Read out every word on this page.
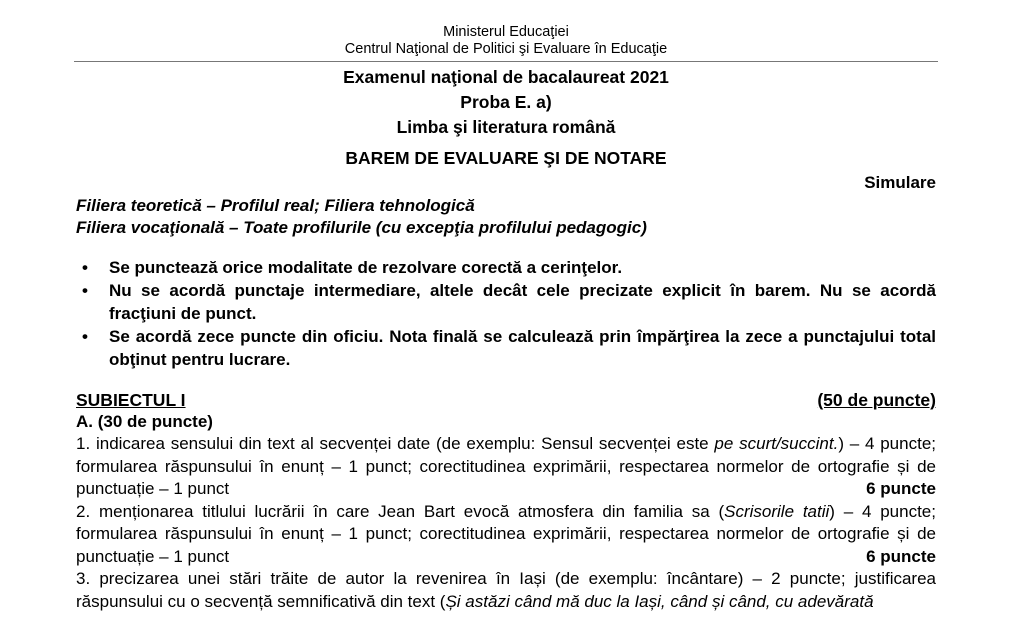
Ministerul Educaţiei
Centrul Naţional de Politici şi Evaluare în Educaţie
Examenul naţional de bacalaureat 2021
Proba E. a)
Limba şi literatura română
BAREM DE EVALUARE ŞI DE NOTARE
Simulare
Filiera teoretică – Profilul real; Filiera tehnologică
Filiera vocaţională – Toate profilurile (cu excepţia profilului pedagogic)
• Se punctează orice modalitate de rezolvare corectă a cerinţelor.
• Nu se acordă punctaje intermediare, altele decât cele precizate explicit în barem. Nu se acordă fracţiuni de punct.
• Se acordă zece puncte din oficiu. Nota finală se calculează prin împărţirea la zece a punctajului total obţinut pentru lucrare.
SUBIECTUL I	(50 de puncte)
A. (30 de puncte)
1. indicarea sensului din text al secvenței date (de exemplu: Sensul secvenței este pe scurt/succint.) – 4 puncte; formularea răspunsului în enunț – 1 punct; corectitudinea exprimării, respectarea normelor de ortografie și de punctuație – 1 punct	6 puncte
2. menționarea titlului lucrării în care Jean Bart evocă atmosfera din familia sa (Scrisorile tatii) – 4 puncte; formularea răspunsului în enunț – 1 punct; corectitudinea exprimării, respectarea normelor de ortografie și de punctuație – 1 punct	6 puncte
3. precizarea unei stări trăite de autor la revenirea în Iași (de exemplu: încântare) – 2 puncte; justificarea răspunsului cu o secvență semnificativă din text (Și astăzi când mă duc la Iași, când și când, cu adevărată
